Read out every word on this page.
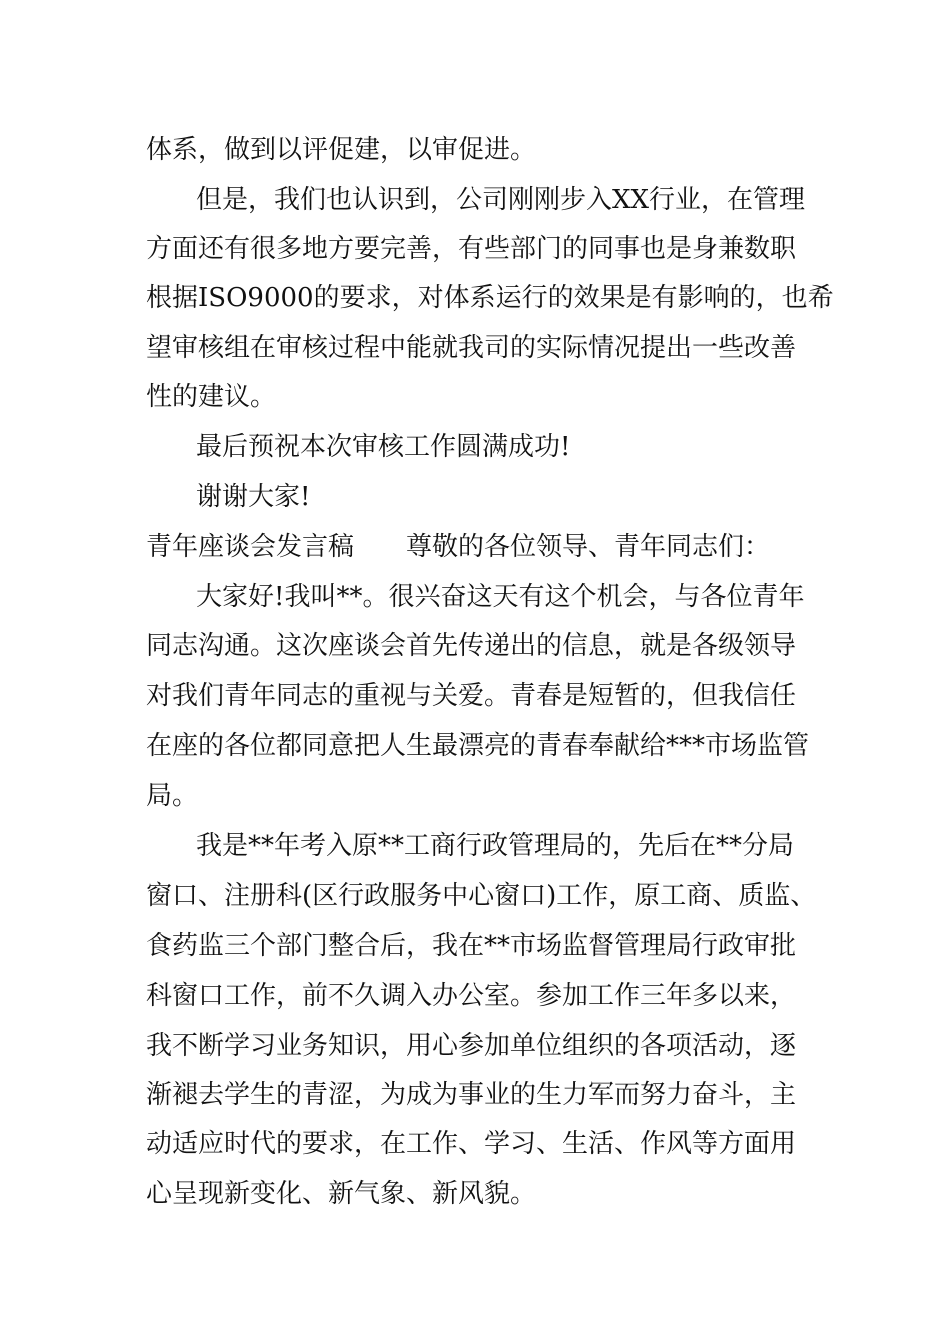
体系，做到以评促建，以审促进。
但是，我们也认识到，公司刚刚步入XX行业，在管理
方面还有很多地方要完善，有些部门的同事也是身兼数职
根据ISO9000的要求，对体系运行的效果是有影响的，也希
望审核组在审核过程中能就我司的实际情况提出一些改善
性的建议。
最后预祝本次审核工作圆满成功!
谢谢大家!
青年座谈会发言稿 尊敬的各位领导、青年同志们：
大家好!我叫**。很兴奋这天有这个机会，与各位青年
同志沟通。这次座谈会首先传递出的信息，就是各级领导
对我们青年同志的重视与关爱。青春是短暂的，但我信任
在座的各位都同意把人生最漂亮的青春奉献给***市场监管
局。
我是**年考入原**工商行政管理局的，先后在**分局
窗口、注册科(区行政服务中心窗口)工作，原工商、质监、
食药监三个部门整合后，我在**市场监督管理局行政审批
科窗口工作，前不久调入办公室。参加工作三年多以来，
我不断学习业务知识，用心参加单位组织的各项活动，逐
渐褪去学生的青涩，为成为事业的生力军而努力奋斗，主
动适应时代的要求，在工作、学习、生活、作风等方面用
心呈现新变化、新气象、新风貌。
